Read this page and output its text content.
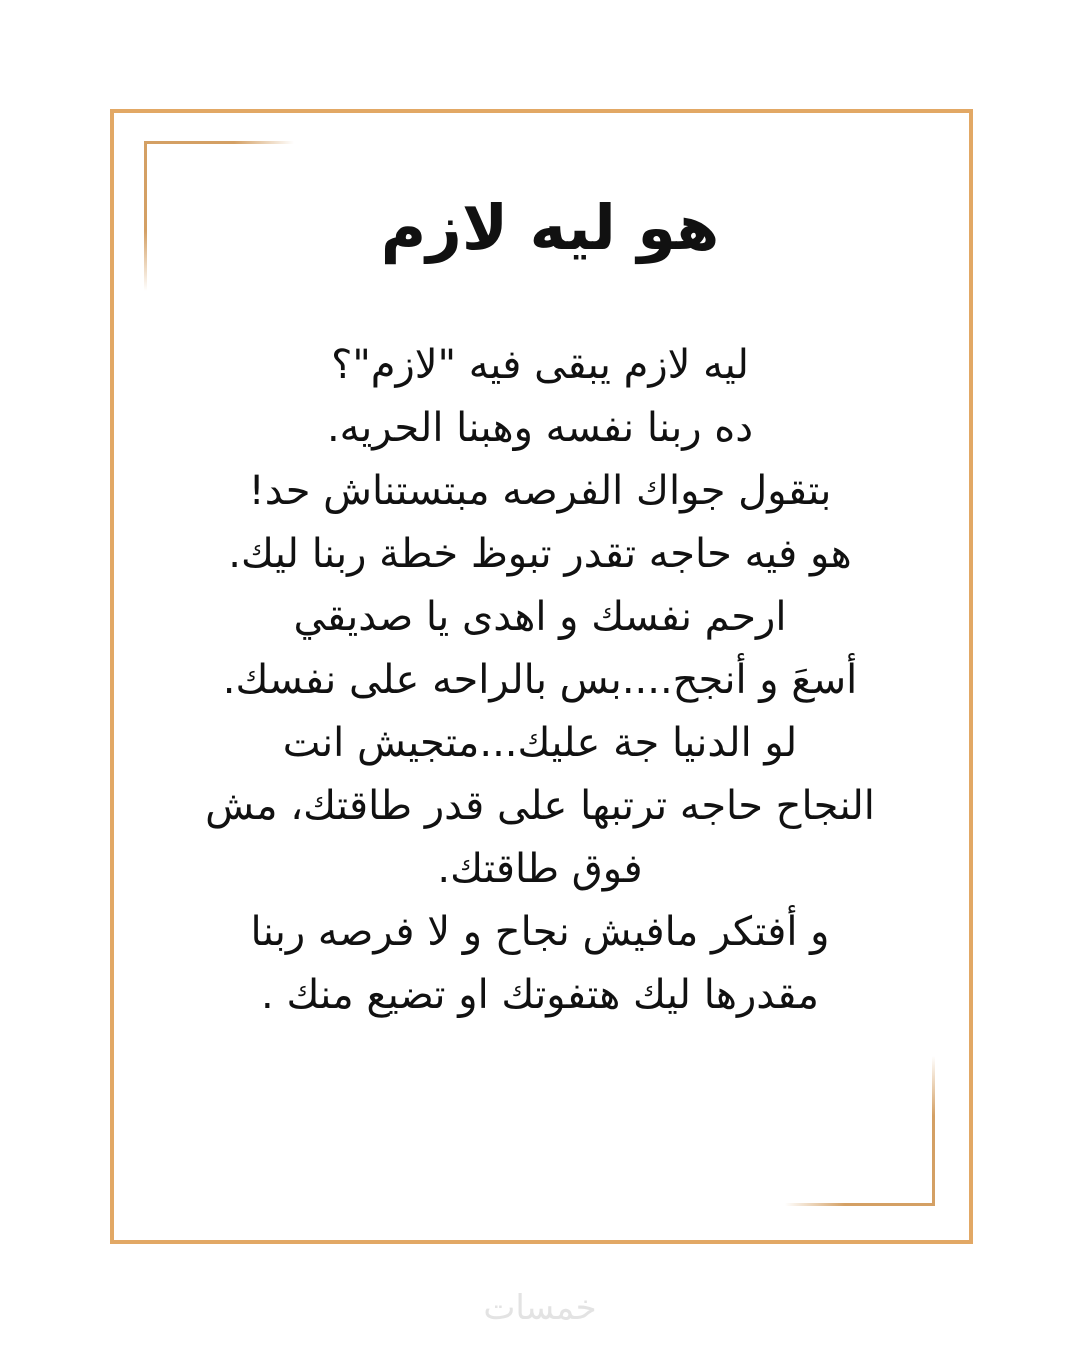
هو ليه لازم
ليه لازم يبقى فيه "لازم"؟
ده ربنا نفسه وهبنا الحريه.
بتقول جواك الفرصه مبتستناش حد!
هو فيه حاجه تقدر تبوظ خطة ربنا ليك.
ارحم نفسك و اهدى يا صديقي
أسعَ و أنجح....بس بالراحه على نفسك.
لو الدنيا جة عليك...متجيش انت
النجاح حاجه ترتبها على قدر طاقتك، مش
فوق طاقتك.
و أفتكر مافيش نجاح و لا فرصه ربنا
مقدرها ليك هتفوتك او تضيع منك .
خمسات
